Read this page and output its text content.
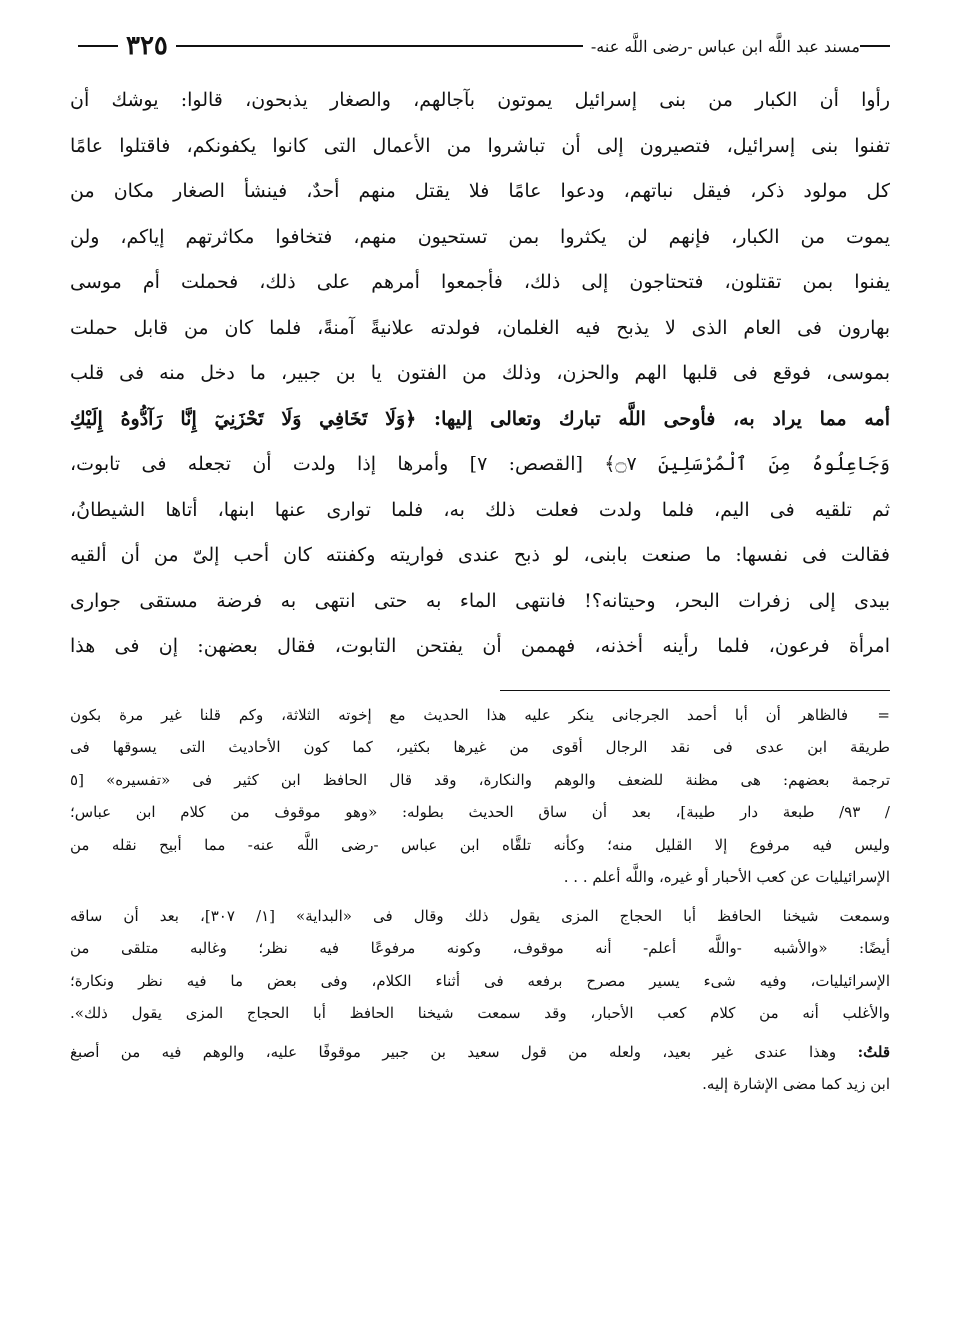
مسند عبد اللَّه ابن عباس -رضى اللَّه عنه-
٣٢٥
رأوا أن الكبار من بنى إسرائيل يموتون بآجالهم، والصغار يذبحون، قالوا: يوشك أن
تفنوا بنى إسرائيل، فتصيرون إلى أن تباشروا من الأعمال التى كانوا يكفونكم، فاقتلوا عامًا
كل مولود ذكر، فيقل نباتهم، ودعوا عامًا فلا يقتل منهم أحدٌ، فينشأ الصغار مكان من
يموت من الكبار، فإنهم لن يكثروا بمن تستحيون منهم، فتخافوا مكاثرتهم إياكم، ولن
يفنوا بمن تقتلون، فتحتاجون إلى ذلك، فأجمعوا أمرهم على ذلك، فحملت أم موسى
بهارون فى العام الذى لا يذبح فيه الغلمان، فولدته علانيةً آمنةً، فلما كان من قابل حملت
بموسى، فوقع فى قلبها الهم والحزن، وذلك من الفتون يا بن جبير، ما دخل منه فى قلب
أمه مما يراد به، فأوحى اللَّه تبارك وتعالى إليها: ﴿وَلَا تَخَافِي وَلَا تَحْزَنِيٓ إِنَّا رَآدُّوهُ إِلَيْكِ
وَجَاعِلُوهُ مِنَ ٱلْمُرْسَلِينَ ۝٧﴾ [القصص: ٧] وأمرها إذا ولدت أن تجعله فى تابوت،
ثم تلقيه فى اليم، فلما ولدت فعلت ذلك به، فلما توارى عنها ابنها، أتاها الشيطانُ،
فقالت فى نفسها: ما صنعت بابنى، لو ذبح عندى فواريته وكفنته كان أحب إلىّ من أن ألقيه
بيدى إلى زفرات البحر، وحيتانه؟! فانتهى الماء به حتى انتهى به فرضة مستقى جوارى
امرأة فرعون، فلما رأينه أخذنه، فهممن أن يفتحن التابوت، فقال بعضهن: إن فى هذا
= فالظاهر أن أبا أحمد الجرجانى ينكر عليه هذا الحديث مع إخوته الثلاثة، وكم قلنا غير مرة بكون
طريقة ابن عدى فى نقد الرجال أقوى من غيرها بكثير، كما كون الأحاديث التى يسوقها فى
ترجمة بعضهم: هى مظنة للضعف والوهم والنكارة، وقد قال الحافظ ابن كثير فى «تفسيره» [٥
/ ٩٣/ طبعة دار طيبة]، بعد أن ساق الحديث بطوله: «وهو موقوف من كلام ابن عباس؛
وليس فيه مرفوع إلا القليل منه؛ وكأنه تلقَّاه ابن عباس -رضى اللَّه عنه- مما أبيح نقله من
الإسرائيليات عن كعب الأحبار أو غيره، واللَّه أعلم . . .
وسمعت شيخنا الحافظ أبا الحجاج المزى يقول ذلك وقال فى «البداية» [١/ ٣٠٧]، بعد أن ساقه
أيضًا: «والأشبه -واللَّه أعلم- أنه موقوف، وكونه مرفوعًا فيه نظر؛ وغالبه متلقى من
الإسرائيليات، وفيه شىء يسير مصرح برفعه فى أثناء الكلام، وفى بعض ما فيه نظر ونكارة؛
والأغلب أنه من كلام كعب الأحبار، وقد سمعت شيخنا الحافظ أبا الحجاج المزى يقول ذلك».
قلتُ: وهذا عندى غير بعيد، ولعله من قول سعيد بن جبير موقوفًا عليه، والوهم فيه من أصبغ
ابن زيد كما مضى الإشارة إليه.
